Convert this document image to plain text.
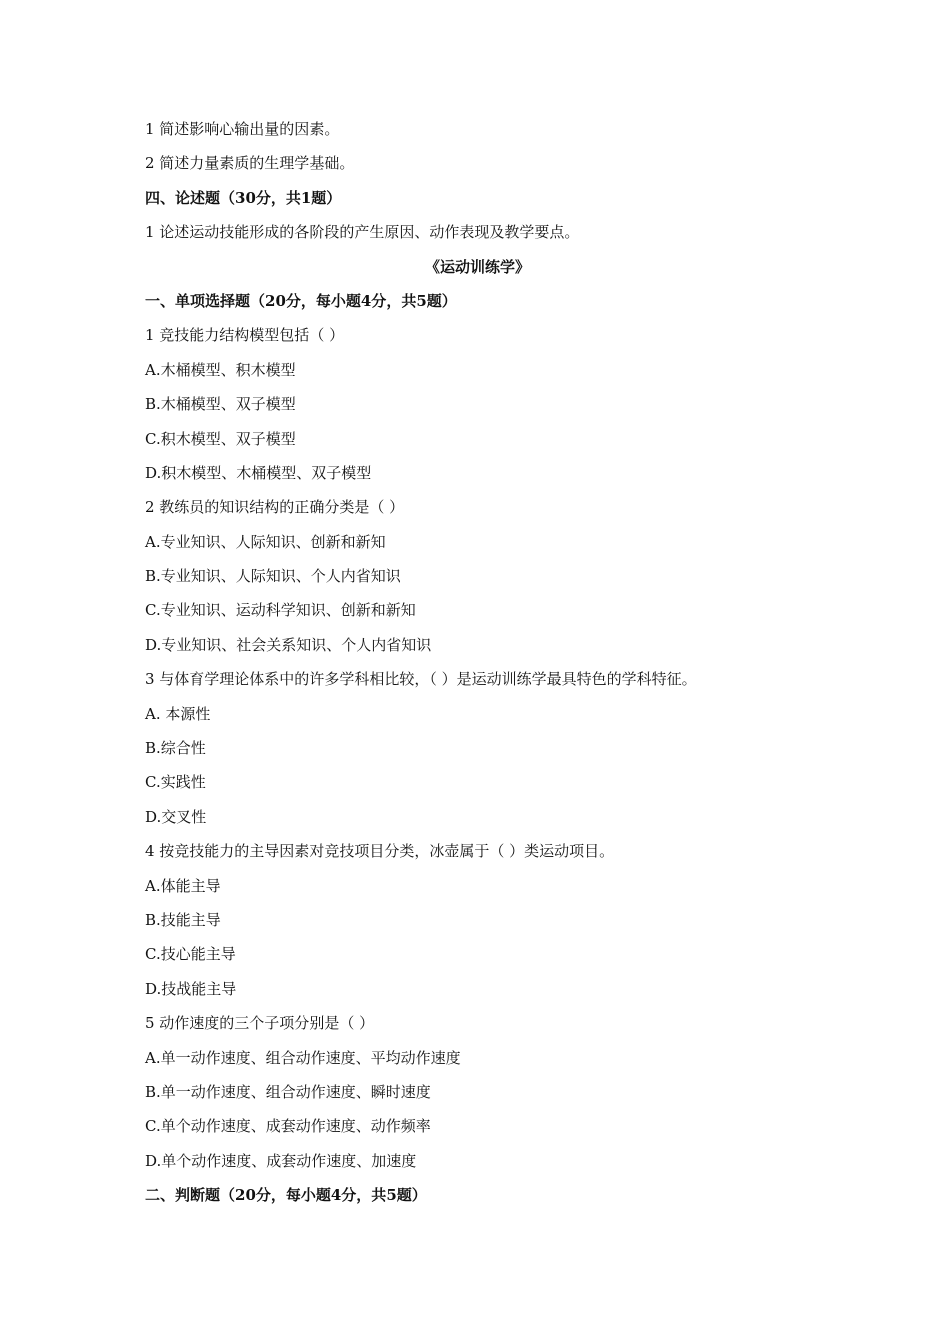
1 简述影响心输出量的因素。
2 简述力量素质的生理学基础。
四、论述题（30分，共1题）
1 论述运动技能形成的各阶段的产生原因、动作表现及教学要点。
《运动训练学》
一、单项选择题（20分，每小题4分，共5题）
1 竞技能力结构模型包括（ ）
A.木桶模型、积木模型
B.木桶模型、双子模型
C.积木模型、双子模型
D.积木模型、木桶模型、双子模型
2 教练员的知识结构的正确分类是（ ）
A.专业知识、人际知识、创新和新知
B.专业知识、人际知识、个人内省知识
C.专业知识、运动科学知识、创新和新知
D.专业知识、社会关系知识、个人内省知识
3 与体育学理论体系中的许多学科相比较，（ ）是运动训练学最具特色的学科特征。
A. 本源性
B.综合性
C.实践性
D.交叉性
4 按竞技能力的主导因素对竞技项目分类，冰壶属于（ ）类运动项目。
A.体能主导
B.技能主导
C.技心能主导
D.技战能主导
5 动作速度的三个子项分别是（ ）
A.单一动作速度、组合动作速度、平均动作速度
B.单一动作速度、组合动作速度、瞬时速度
C.单个动作速度、成套动作速度、动作频率
D.单个动作速度、成套动作速度、加速度
二、判断题（20分，每小题4分，共5题）
